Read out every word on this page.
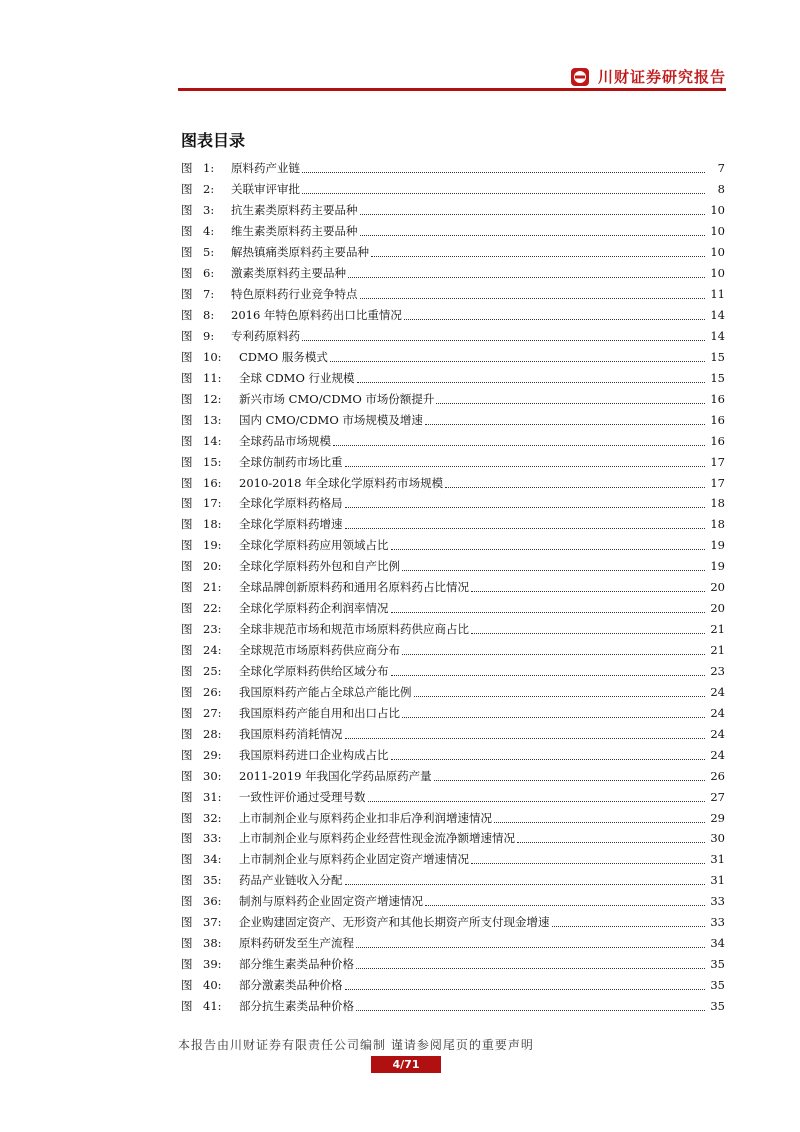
川财证券研究报告
图表目录
图 1:	原料药产业链	7
图 2:	关联审评审批	8
图 3:	抗生素类原料药主要品种	10
图 4:	维生素类原料药主要品种	10
图 5:	解热镇痛类原料药主要品种	10
图 6:	激素类原料药主要品种	10
图 7:	特色原料药行业竞争特点	11
图 8:	2016 年特色原料药出口比重情况	14
图 9:	专利药原料药	14
图 10:	CDMO 服务模式	15
图 11:	全球 CDMO 行业规模	15
图 12:	新兴市场 CMO/CDMO 市场份额提升	16
图 13:	国内 CMO/CDMO 市场规模及增速	16
图 14:	全球药品市场规模	16
图 15:	全球仿制药市场比重	17
图 16:	2010-2018 年全球化学原料药市场规模	17
图 17:	全球化学原料药格局	18
图 18:	全球化学原料药增速	18
图 19:	全球化学原料药应用领域占比	19
图 20:	全球化学原料药外包和自产比例	19
图 21:	全球品牌创新原料药和通用名原料药占比情况	20
图 22:	全球化学原料药企利润率情况	20
图 23:	全球非规范市场和规范市场原料药供应商占比	21
图 24:	全球规范市场原料药供应商分布	21
图 25:	全球化学原料药供给区域分布	23
图 26:	我国原料药产能占全球总产能比例	24
图 27:	我国原料药产能自用和出口占比	24
图 28:	我国原料药消耗情况	24
图 29:	我国原料药进口企业构成占比	24
图 30:	2011-2019 年我国化学药品原药产量	26
图 31:	一致性评价通过受理号数	27
图 32:	上市制剂企业与原料药企业扣非后净利润增速情况	29
图 33:	上市制剂企业与原料药企业经营性现金流净额增速情况	30
图 34:	上市制剂企业与原料药企业固定资产增速情况	31
图 35:	药品产业链收入分配	31
图 36:	制剂与原料药企业固定资产增速情况	33
图 37:	企业购建固定资产、无形资产和其他长期资产所支付现金增速	33
图 38:	原料药研发至生产流程	34
图 39:	部分维生素类品种价格	35
图 40:	部分激素类品种价格	35
图 41:	部分抗生素类品种价格	35
本报告由川财证券有限责任公司编制 谨请参阅尾页的重要声明
4/71
